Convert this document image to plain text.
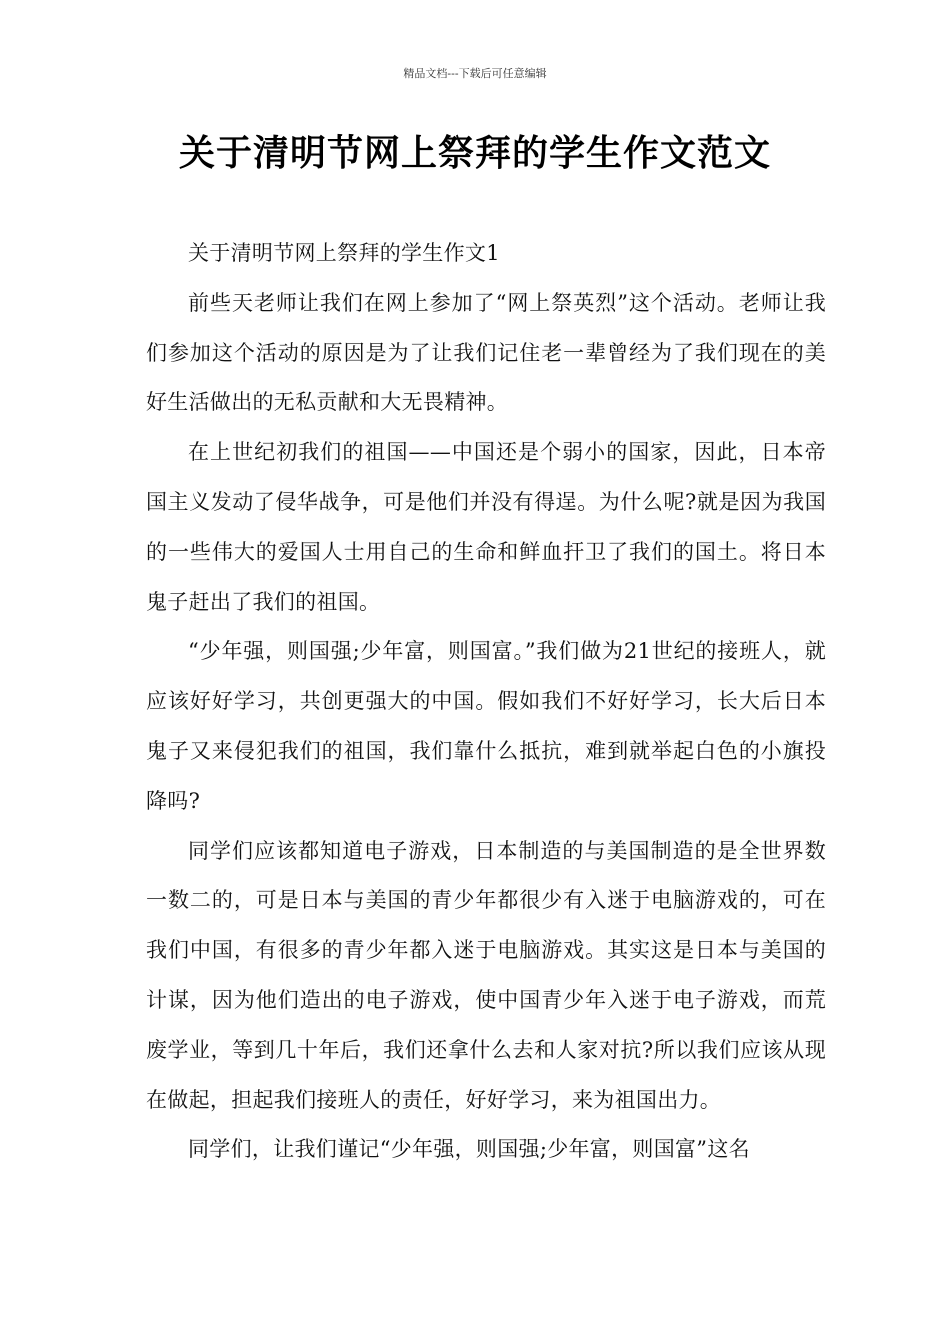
精品文档---下载后可任意编辑
关于清明节网上祭拜的学生作文范文

关于清明节网上祭拜的学生作文1

前些天老师让我们在网上参加了“网上祭英烈”这个活动。老师让我们参加这个活动的原因是为了让我们记住老一辈曾经为了我们现在的美好生活做出的无私贡献和大无畏精神。

在上世纪初我们的祖国——中国还是个弱小的国家，因此，日本帝国主义发动了侵华战争，可是他们并没有得逞。为什么呢?就是因为我国的一些伟大的爱国人士用自己的生命和鲜血扞卫了我们的国土。将日本鬼子赶出了我们的祖国。

“少年强，则国强;少年富，则国富。”我们做为21世纪的接班人，就应该好好学习，共创更强大的中国。假如我们不好好学习，长大后日本鬼子又来侵犯我们的祖国，我们靠什么抵抗，难到就举起白色的小旗投降吗?

同学们应该都知道电子游戏，日本制造的与美国制造的是全世界数一数二的，可是日本与美国的青少年都很少有入迷于电脑游戏的，可在我们中国，有很多的青少年都入迷于电脑游戏。其实这是日本与美国的计谋，因为他们造出的电子游戏，使中国青少年入迷于电子游戏，而荒废学业，等到几十年后，我们还拿什么去和人家对抗?所以我们应该从现在做起，担起我们接班人的责任，好好学习，来为祖国出力。

同学们，让我们谨记“少年强，则国强;少年富，则国富”这名
